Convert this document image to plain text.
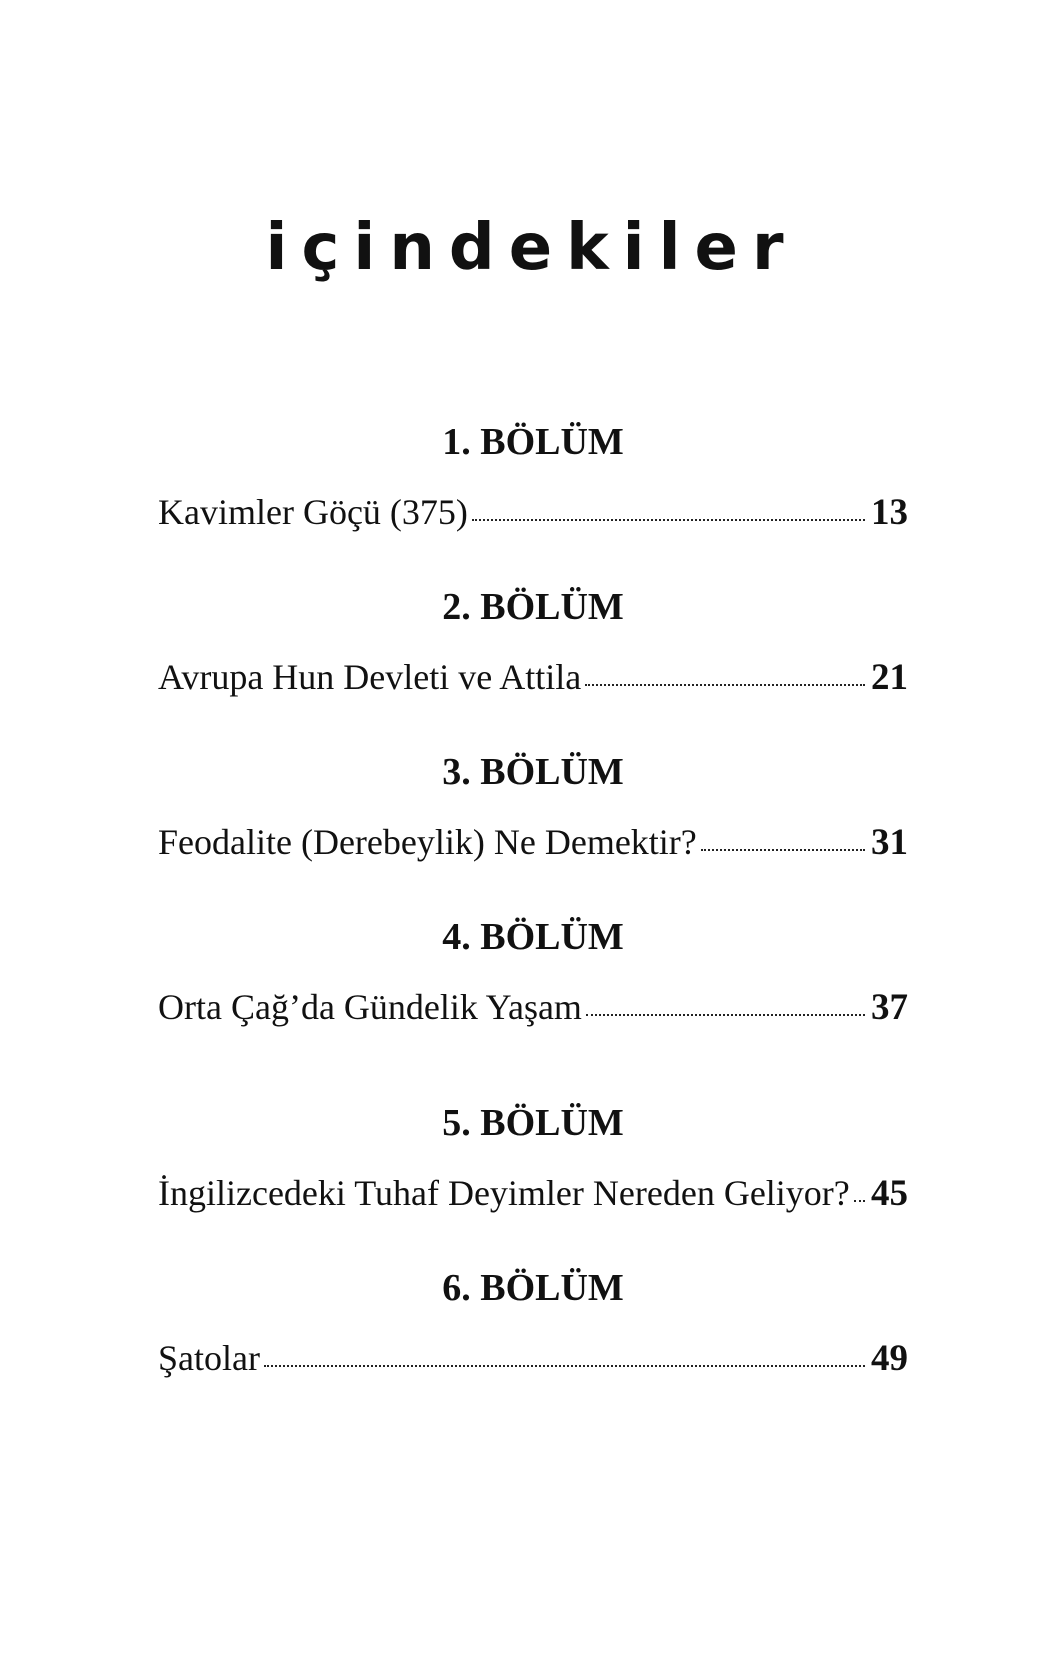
içindekiler
1. BÖLÜM
Kavimler Göçü (375)	13
2. BÖLÜM
Avrupa Hun Devleti ve Attila	21
3. BÖLÜM
Feodalite (Derebeylik) Ne Demektir?	31
4. BÖLÜM
Orta Çağ’da Gündelik Yaşam	37
5. BÖLÜM
İngilizcedeki Tuhaf Deyimler Nereden Geliyor? 45
6. BÖLÜM
Şatolar	49
